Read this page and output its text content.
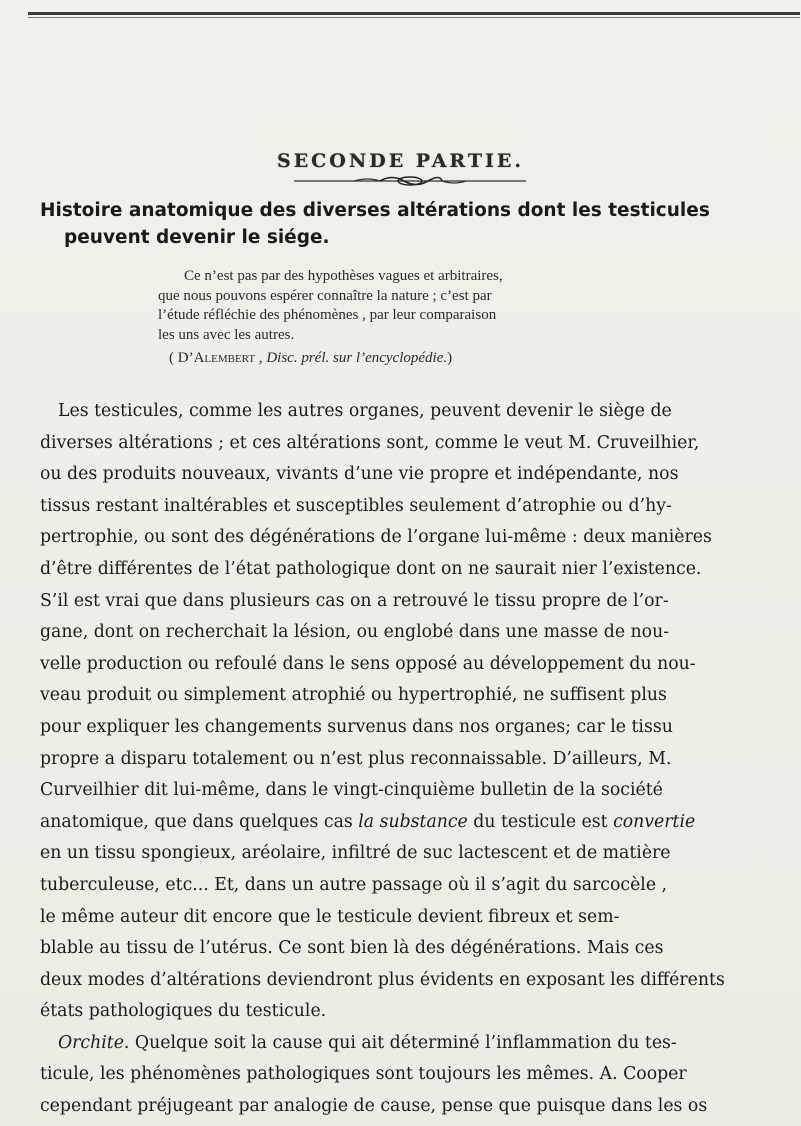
SECONDE PARTIE.
Histoire anatomique des diverses altérations dont les testicules
peuvent devenir le siége.
Ce n’est pas par des hypothèses vagues et arbitraires,
que nous pouvons espérer connaître la nature ; c’est par
l’étude réfléchie des phénomènes , par leur comparaison
les uns avec les autres.
( D’Alembert , Disc. prél. sur l’encyclopédie.)
Les testicules, comme les autres organes, peuvent devenir le siège de
diverses altérations ; et ces altérations sont, comme le veut M. Cruveilhier,
ou des produits nouveaux, vivants d’une vie propre et indépendante, nos
tissus restant inaltérables et susceptibles seulement d’atrophie ou d’hy-
pertrophie, ou sont des dégénérations de l’organe lui-même : deux manières
d’être différentes de l’état pathologique dont on ne saurait nier l’existence.
S’il est vrai que dans plusieurs cas on a retrouvé le tissu propre de l’or-
gane, dont on recherchait la lésion, ou englobé dans une masse de nou-
velle production ou refoulé dans le sens opposé au développement du nou-
veau produit ou simplement atrophié ou hypertrophié, ne suffisent plus
pour expliquer les changements survenus dans nos organes; car le tissu
propre a disparu totalement ou n’est plus reconnaissable. D’ailleurs, M.
Curveilhier dit lui-même, dans le vingt-cinquième bulletin de la société
anatomique, que dans quelques cas la substance du testicule est convertie
en un tissu spongieux, aréolaire, infiltré de suc lactescent et de matière
tuberculeuse, etc... Et, dans un autre passage où il s’agit du sarcocèle ,
le même auteur dit encore que le testicule devient fibreux et sem-
blable au tissu de l’utérus. Ce sont bien là des dégénérations. Mais ces
deux modes d’altérations deviendront plus évidents en exposant les différents
états pathologiques du testicule.
Orchite. Quelque soit la cause qui ait déterminé l’inflammation du tes-
ticule, les phénomènes pathologiques sont toujours les mêmes. A. Cooper
cependant préjugeant par analogie de cause, pense que puisque dans les os
